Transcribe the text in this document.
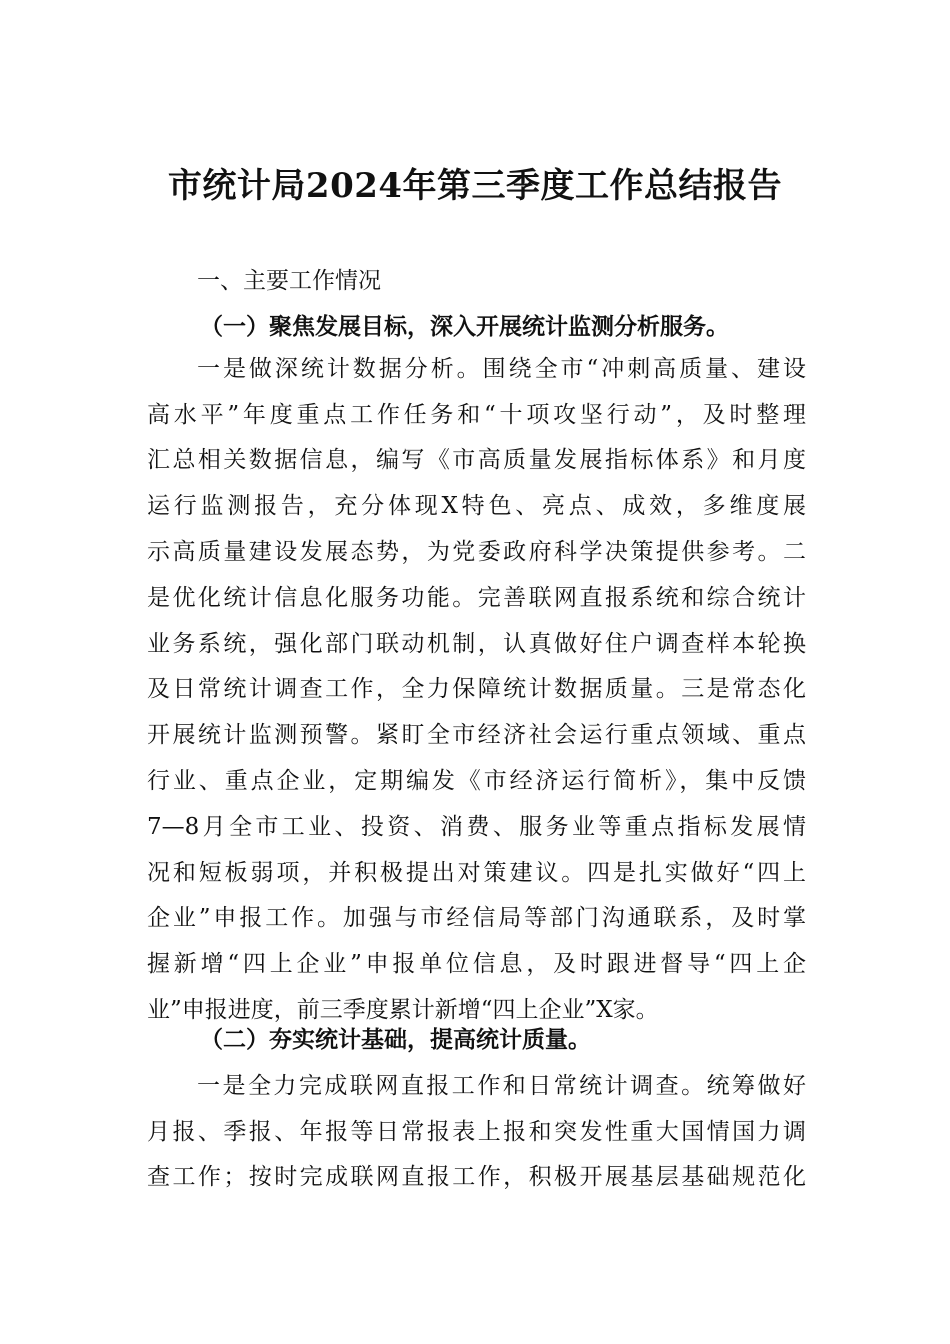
市统计局2024年第三季度工作总结报告
一、主要工作情况
（一）聚焦发展目标，深入开展统计监测分析服务。
一是做深统计数据分析。围绕全市“冲刺高质量、建设
高水平”年度重点工作任务和“十项攻坚行动”，及时整理
汇总相关数据信息，编写《市高质量发展指标体系》和月度
运行监测报告，充分体现X特色、亮点、成效，多维度展
示高质量建设发展态势，为党委政府科学决策提供参考。二
是优化统计信息化服务功能。完善联网直报系统和综合统计
业务系统，强化部门联动机制，认真做好住户调查样本轮换
及日常统计调查工作，全力保障统计数据质量。三是常态化
开展统计监测预警。紧盯全市经济社会运行重点领域、重点
行业、重点企业，定期编发《市经济运行简析》，集中反馈
7—8月全市工业、投资、消费、服务业等重点指标发展情
况和短板弱项，并积极提出对策建议。四是扎实做好“四上
企业”申报工作。加强与市经信局等部门沟通联系，及时掌
握新增“四上企业”申报单位信息，及时跟进督导“四上企
业”申报进度，前三季度累计新增“四上企业”X家。
（二）夯实统计基础，提高统计质量。
一是全力完成联网直报工作和日常统计调查。统筹做好
月报、季报、年报等日常报表上报和突发性重大国情国力调
查工作；按时完成联网直报工作，积极开展基层基础规范化
